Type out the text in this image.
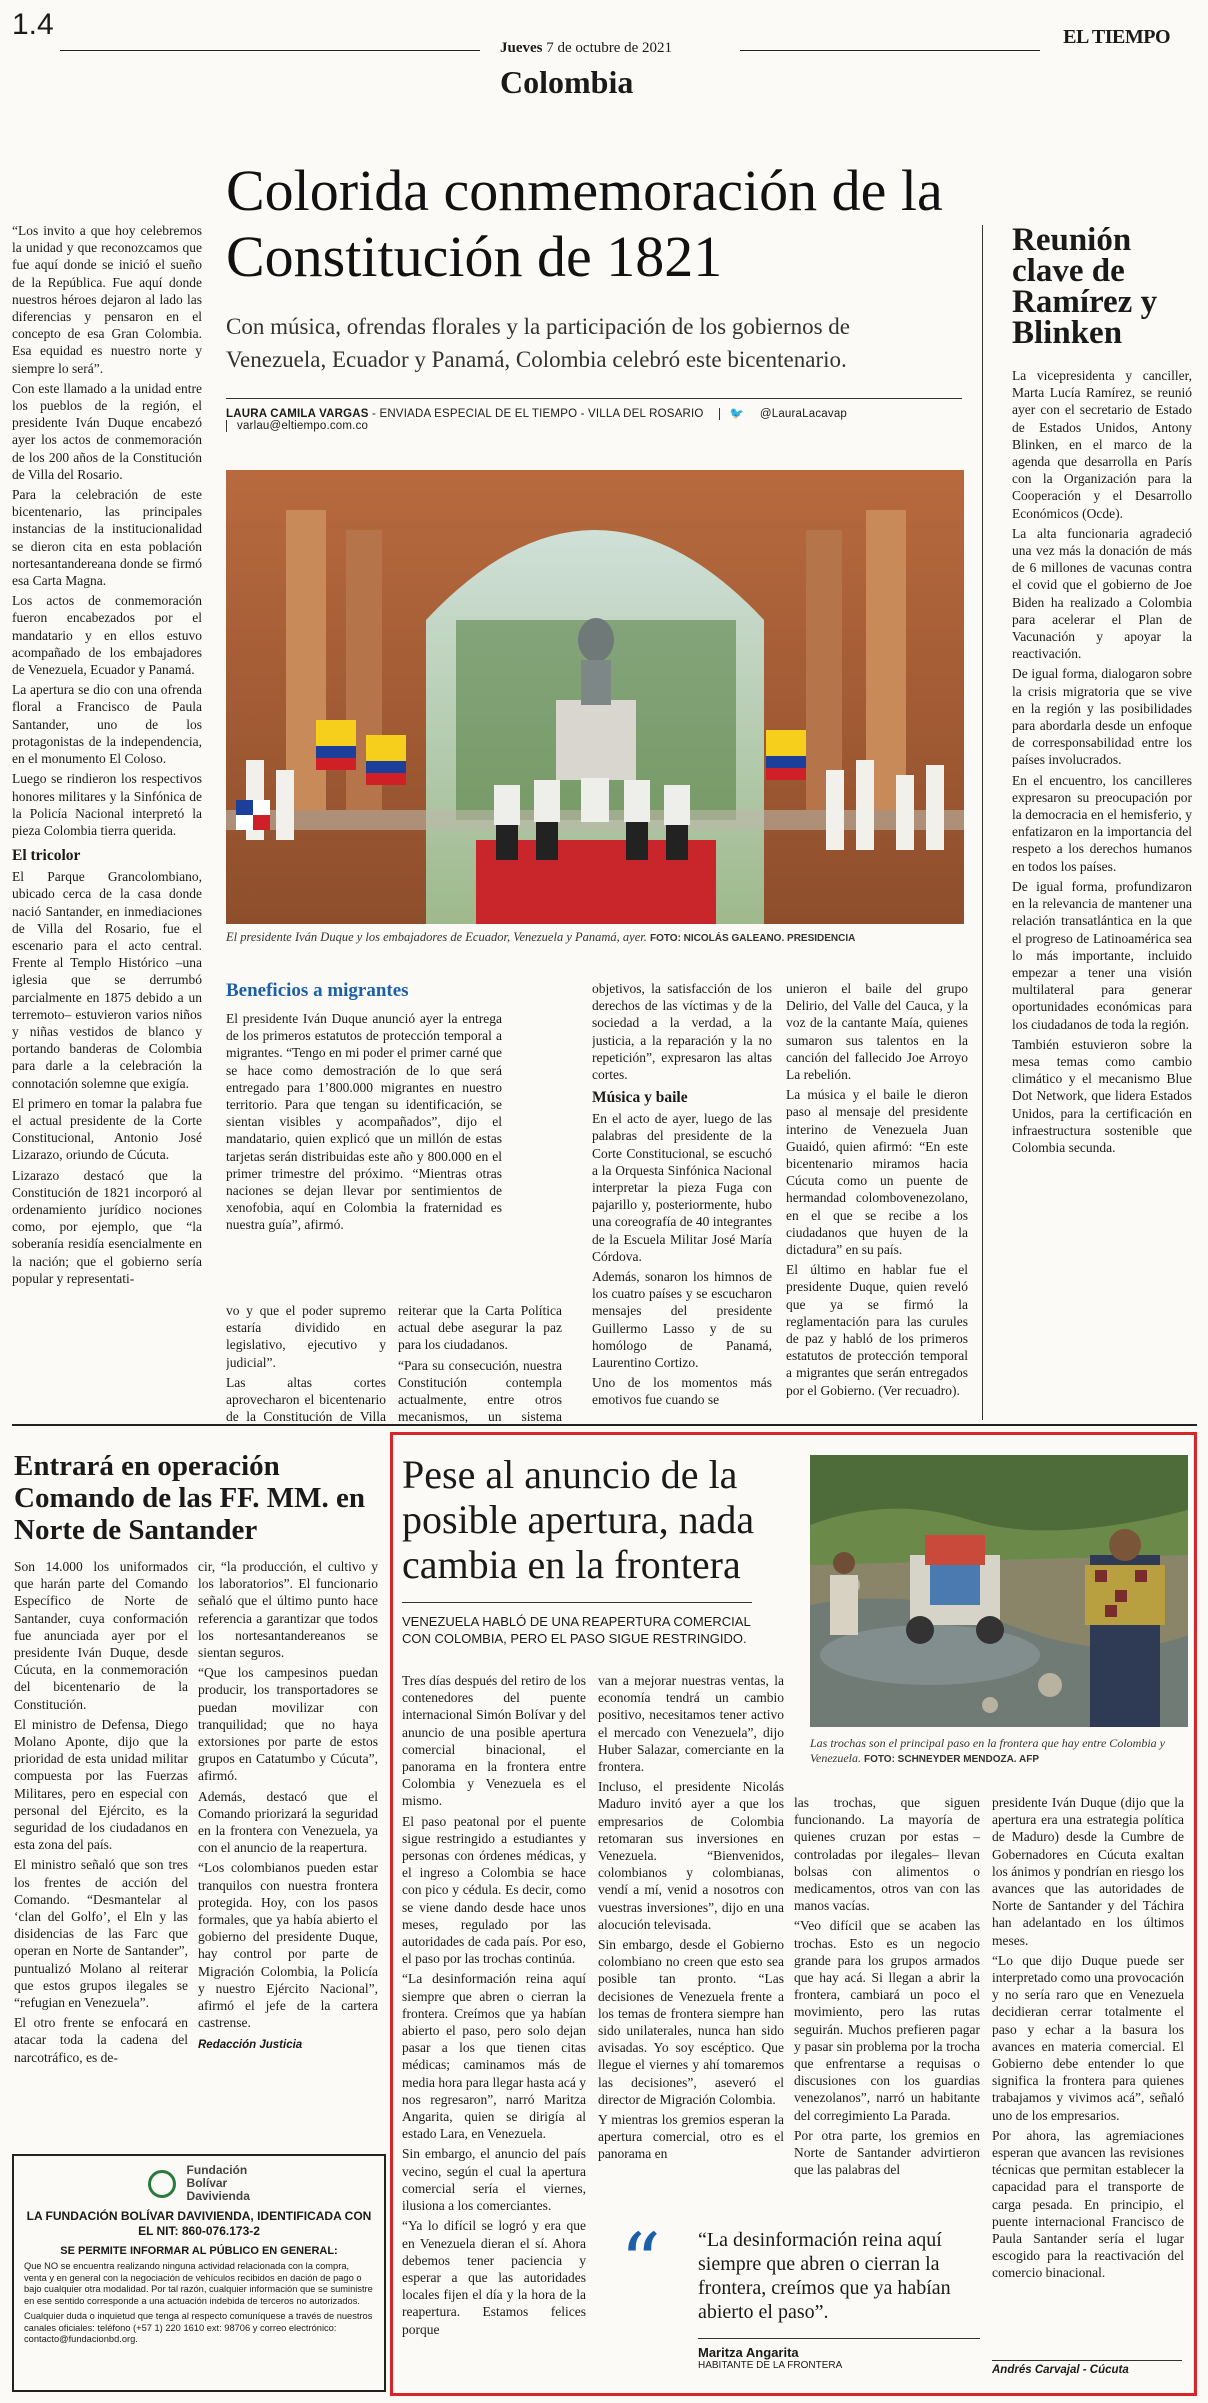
1.4
Jueves 7 de octubre de 2021	EL TIEMPO
Colombia
Colorida conmemoración de la Constitución de 1821
Con música, ofrendas florales y la participación de los gobiernos de Venezuela, Ecuador y Panamá, Colombia celebró este bicentenario.
LAURA CAMILA VARGAS - ENVIADA ESPECIAL DE EL TIEMPO - VILLA DEL ROSARIO 🐦 @LauraLacavap varlau@eltiempo.com.co
El presidente Iván Duque y los embajadores de Ecuador, Venezuela y Panamá, ayer. FOTO: NICOLÁS GALEANO. PRESIDENCIA

“Los invito a que hoy celebremos la unidad y que reconozcamos que fue aquí donde se inició el sueño de la República. Fue aquí donde nuestros héroes dejaron al lado las diferencias y pensaron en el concepto de esa Gran Colombia. Esa equidad es nuestro norte y siempre lo será”.

Con este llamado a la unidad entre los pueblos de la región, el presidente Iván Duque encabezó ayer los actos de conmemoración de los 200 años de la Constitución de Villa del Rosario.

Para la celebración de este bicentenario, las principales instancias de la institucionalidad se dieron cita en esta población nortesantandereana donde se firmó esa Carta Magna.

Los actos de conmemoración fueron encabezados por el mandatario y en ellos estuvo acompañado de los embajadores de Venezuela, Ecuador y Panamá.

La apertura se dio con una ofrenda floral a Francisco de Paula Santander, uno de los protagonistas de la independencia, en el monumento El Coloso.

Luego se rindieron los respectivos honores militares y la Sinfónica de la Policía Nacional interpretó la pieza Colombia tierra querida.

El tricolor

El Parque Grancolombiano, ubicado cerca de la casa donde nació Santander, en inmediaciones de Villa del Rosario, fue el escenario para el acto central. Frente al Templo Histórico –una iglesia que se derrumbó parcialmente en 1875 debido a un terremoto– estuvieron varios niños y niñas vestidos de blanco y portando banderas de Colombia para darle a la celebración la connotación solemne que exigía.

El primero en tomar la palabra fue el actual presidente de la Corte Constitucional, Antonio José Lizarazo, oriundo de Cúcuta.

Lizarazo destacó que la Constitución de 1821 incorporó al ordenamiento jurídico nociones como, por ejemplo, que “la soberanía residía esencialmente en la nación; que el gobierno sería popular y representati-

Beneficios a migrantes

El presidente Iván Duque anunció ayer la entrega de los primeros estatutos de protección temporal a migrantes. “Tengo en mi poder el primer carné que se hace como demostración de lo que será entregado para 1’800.000 migrantes en nuestro territorio. Para que tengan su identificación, se sientan visibles y acompañados”, dijo el mandatario, quien explicó que un millón de estas tarjetas serán distribuidas este año y 800.000 en el primer trimestre del próximo. “Mientras otras naciones se dejan llevar por sentimientos de xenofobia, aquí en Colombia la fraternidad es nuestra guía”, afirmó.

vo y que el poder supremo estaría dividido en legislativo, ejecutivo y judicial”.

Las altas cortes aprovecharon el bicentenario de la Constitución de Villa

reiterar que la Carta Política actual debe asegurar la paz para los ciudadanos.

“Para su consecución, nuestra Constitución contempla actualmente, entre otros mecanismos, un sistema

objetivos, la satisfacción de los derechos de las víctimas y de la sociedad a la verdad, a la justicia, a la reparación y la no repetición”, expresaron las altas cortes.

Música y baile

En el acto de ayer, luego de las palabras del presidente de la Corte Constitucional, se escuchó a la Orquesta Sinfónica Nacional interpretar la pieza Fuga con pajarillo y, posteriormente, hubo una coreografía de 40 integrantes de la Escuela Militar José María Córdova.

Además, sonaron los himnos de los cuatro países y se escucharon mensajes del presidente Guillermo Lasso y de su homólogo de Panamá, Laurentino Cortizo.

Uno de los momentos más emotivos fue cuando se

unieron el baile del grupo Delirio, del Valle del Cauca, y la voz de la cantante Maía, quienes sumaron sus talentos en la canción del fallecido Joe Arroyo La rebelión.

La música y el baile le dieron paso al mensaje del presidente interino de Venezuela Juan Guaidó, quien afirmó: “En este bicentenario miramos hacia Cúcuta como un puente de hermandad colombovenezolano, en el que se recibe a los ciudadanos que huyen de la dictadura” en su país.

El último en hablar fue el presidente Duque, quien reveló que ya se firmó la reglamentación para las curules de paz y habló de los primeros estatutos de protección temporal a migrantes que serán entregados por el Gobierno. (Ver recuadro).

Reunión clave de Ramírez y Blinken

La vicepresidenta y canciller, Marta Lucía Ramírez, se reunió ayer con el secretario de Estado de Estados Unidos, Antony Blinken, en el marco de la agenda que desarrolla en París con la Organización para la Cooperación y el Desarrollo Económicos (Ocde).

La alta funcionaria agradeció una vez más la donación de más de 6 millones de vacunas contra el covid que el gobierno de Joe Biden ha realizado a Colombia para acelerar el Plan de Vacunación y apoyar la reactivación.

De igual forma, dialogaron sobre la crisis migratoria que se vive en la región y las posibilidades para abordarla desde un enfoque de corresponsabilidad entre los países involucrados.

En el encuentro, los cancilleres expresaron su preocupación por la democracia en el hemisferio, y enfatizaron en la importancia del respeto a los derechos humanos en todos los países.

De igual forma, profundizaron en la relevancia de mantener una relación transatlántica en la que el progreso de Latinoamérica sea lo más importante, incluido empezar a tener una visión multilateral para generar oportunidades económicas para los ciudadanos de toda la región.

También estuvieron sobre la mesa temas como cambio climático y el mecanismo Blue Dot Network, que lidera Estados Unidos, para la certificación en infraestructura sostenible que Colombia secunda.

Entrará en operación Comando de las FF. MM. en Norte de Santander

Son 14.000 los uniformados que harán parte del Comando Específico de Norte de Santander, cuya conformación fue anunciada ayer por el presidente Iván Duque, desde Cúcuta, en la conmemoración del bicentenario de la Constitución.

El ministro de Defensa, Diego Molano Aponte, dijo que la prioridad de esta unidad militar compuesta por las Fuerzas Militares, pero en especial con personal del Ejército, es la seguridad de los ciudadanos en esta zona del país.

El ministro señaló que son tres los frentes de acción del Comando. “Desmantelar al ‘clan del Golfo’, el Eln y las disidencias de las Farc que operan en Norte de Santander”, puntualizó Molano al reiterar que estos grupos ilegales se “refugian en Venezuela”.

El otro frente se enfocará en atacar toda la cadena del narcotráfico, es de-

cir, “la producción, el cultivo y los laboratorios”. El funcionario señaló que el último punto hace referencia a garantizar que todos los nortesantandereanos se sientan seguros.

“Que los campesinos puedan producir, los transportadores se puedan movilizar con tranquilidad; que no haya extorsiones por parte de estos grupos en Catatumbo y Cúcuta”, afirmó.

Además, destacó que el Comando priorizará la seguridad en la frontera con Venezuela, ya con el anuncio de la reapertura.

“Los colombianos pueden estar tranquilos con nuestra frontera protegida. Hoy, con los pasos formales, que ya había abierto el gobierno del presidente Duque, hay control por parte de Migración Colombia, la Policía y nuestro Ejército Nacional”, afirmó el jefe de la cartera castrense.

Redacción Justicia

Fundación
Bolívar
Davivienda
LA FUNDACIÓN BOLÍVAR DAVIVIENDA, IDENTIFICADA CON EL NIT: 860-076.173-2
SE PERMITE INFORMAR AL PÚBLICO EN GENERAL:
Que NO se encuentra realizando ninguna actividad relacionada con la compra, venta y en general con la negociación de vehículos recibidos en dación de pago o bajo cualquier otra modalidad. Por tal razón, cualquier información que se suministre en ese sentido corresponde a una actuación indebida de terceros no autorizados.
Cualquier duda o inquietud que tenga al respecto comuníquese a través de nuestros canales oficiales: teléfono (+57 1) 220 1610 ext: 98706 y correo electrónico: contacto@fundacionbd.org.
Pese al anuncio de la posible apertura, nada cambia en la frontera
VENEZUELA HABLÓ DE UNA REAPERTURA COMERCIAL CON COLOMBIA, PERO EL PASO SIGUE RESTRINGIDO.
Las trochas son el principal paso en la frontera que hay entre Colombia y Venezuela. FOTO: SCHNEYDER MENDOZA. AFP

Tres días después del retiro de los contenedores del puente internacional Simón Bolívar y del anuncio de una posible apertura comercial binacional, el panorama en la frontera entre Colombia y Venezuela es el mismo.

El paso peatonal por el puente sigue restringido a estudiantes y personas con órdenes médicas, y el ingreso a Colombia se hace con pico y cédula. Es decir, como se viene dando desde hace unos meses, regulado por las autoridades de cada país. Por eso, el paso por las trochas continúa.

“La desinformación reina aquí siempre que abren o cierran la frontera. Creímos que ya habían abierto el paso, pero solo dejan pasar a los que tienen citas médicas; caminamos más de media hora para llegar hasta acá y nos regresaron”, narró Maritza Angarita, quien se dirigía al estado Lara, en Venezuela.

Sin embargo, el anuncio del país vecino, según el cual la apertura comercial sería el viernes, ilusiona a los comerciantes.

“Ya lo difícil se logró y era que en Venezuela dieran el sí. Ahora debemos tener paciencia y esperar a que las autoridades locales fijen el día y la hora de la reapertura. Estamos felices porque

van a mejorar nuestras ventas, la economía tendrá un cambio positivo, necesitamos tener activo el mercado con Venezuela”, dijo Huber Salazar, comerciante en la frontera.

Incluso, el presidente Nicolás Maduro invitó ayer a que los empresarios de Colombia retomaran sus inversiones en Venezuela. “Bienvenidos, colombianos y colombianas, vendí a mí, venid a nosotros con vuestras inversiones”, dijo en una alocución televisada.

Sin embargo, desde el Gobierno colombiano no creen que esto sea posible tan pronto. “Las decisiones de Venezuela frente a los temas de frontera siempre han sido unilaterales, nunca han sido avisadas. Yo soy escéptico. Que llegue el viernes y ahí tomaremos las decisiones”, aseveró el director de Migración Colombia.

Y mientras los gremios esperan la apertura comercial, otro es el panorama en

las trochas, que siguen funcionando. La mayoría de quienes cruzan por estas –controladas por ilegales– llevan bolsas con alimentos o medicamentos, otros van con las manos vacías.

“Veo difícil que se acaben las trochas. Esto es un negocio grande para los grupos armados que hay acá. Si llegan a abrir la frontera, cambiará un poco el movimiento, pero las rutas seguirán. Muchos prefieren pagar y pasar sin problema por la trocha que enfrentarse a requisas o discusiones con los guardias venezolanos”, narró un habitante del corregimiento La Parada.

Por otra parte, los gremios en Norte de Santander advirtieron que las palabras del

presidente Iván Duque (dijo que la apertura era una estrategia política de Maduro) desde la Cumbre de Gobernadores en Cúcuta exaltan los ánimos y pondrían en riesgo los avances que las autoridades de Norte de Santander y del Táchira han adelantado en los últimos meses.

“Lo que dijo Duque puede ser interpretado como una provocación y no sería raro que en Venezuela decidieran cerrar totalmente el paso y echar a la basura los avances en materia comercial. El Gobierno debe entender lo que significa la frontera para quienes trabajamos y vivimos acá”, señaló uno de los empresarios.

Por ahora, las agremiaciones esperan que avancen las revisiones técnicas que permitan establecer la capacidad para el transporte de carga pesada. En principio, el puente internacional Francisco de Paula Santander sería el lugar escogido para la reactivación del comercio binacional.

Andrés Carvajal - Cúcuta
“ “La desinformación reina aquí siempre que abren o cierran la frontera, creímos que ya habían abierto el paso”.
Maritza Angarita
HABITANTE DE LA FRONTERA
